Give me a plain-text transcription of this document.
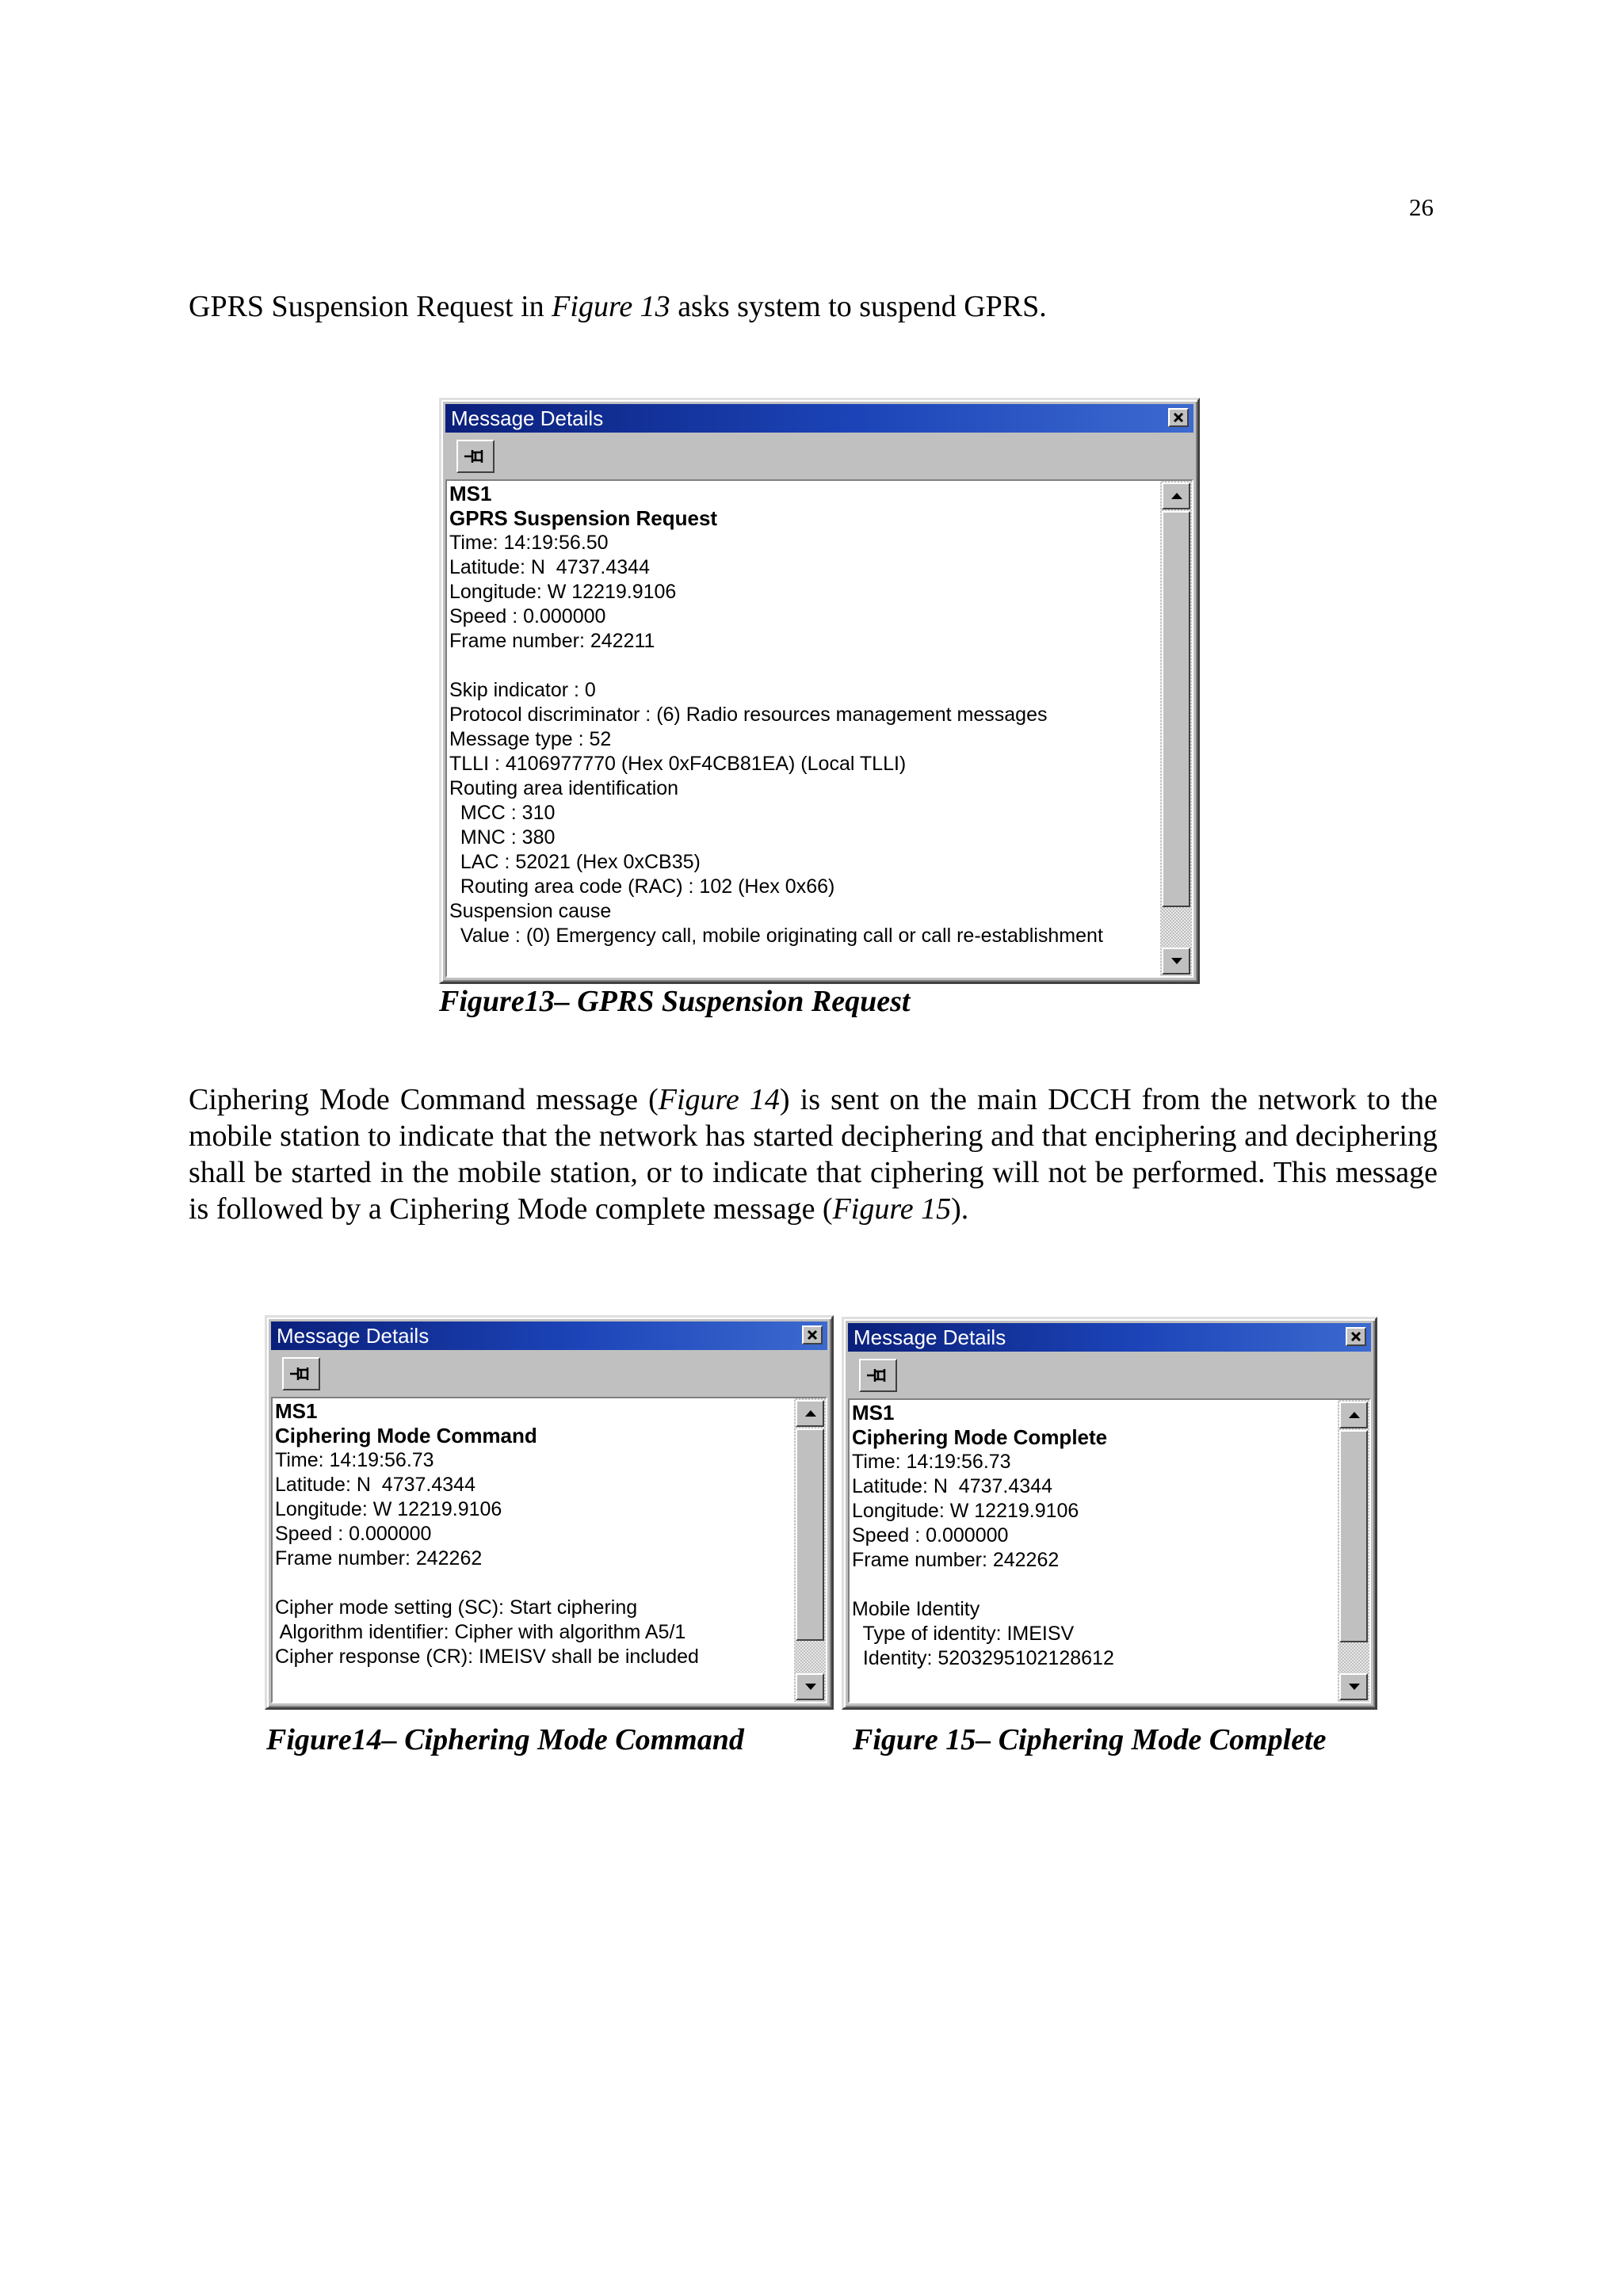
26

GPRS Suspension Request in Figure 13 asks system to suspend GPRS.

Message Details
MS1
GPRS Suspension Request
Time: 14:19:56.50
Latitude: N  4737.4344
Longitude: W 12219.9106
Speed : 0.000000
Frame number: 242211
Skip indicator : 0
Protocol discriminator : (6) Radio resources management messages
Message type : 52
TLLI : 4106977770 (Hex 0xF4CB81EA) (Local TLLI)
Routing area identification
MCC : 310
MNC : 380
LAC : 52021 (Hex 0xCB35)
Routing area code (RAC) : 102 (Hex 0x66)
Suspension cause
Value : (0) Emergency call, mobile originating call or call re-establishment
Figure13– GPRS Suspension Request

Ciphering Mode Command message (Figure 14) is sent on the main DCCH from the network to the mobile station to indicate that the network has started deciphering and that enciphering and deciphering shall be started in the mobile station, or to indicate that ciphering will not be performed. This message is followed by a Ciphering Mode complete message (Figure 15).

Message Details
MS1
Ciphering Mode Command
Time: 14:19:56.73
Latitude: N  4737.4344
Longitude: W 12219.9106
Speed : 0.000000
Frame number: 242262
Cipher mode setting (SC): Start ciphering
Algorithm identifier: Cipher with algorithm A5/1
Cipher response (CR): IMEISV shall be included
Figure14– Ciphering Mode Command
Message Details
MS1
Ciphering Mode Complete
Time: 14:19:56.73
Latitude: N  4737.4344
Longitude: W 12219.9106
Speed : 0.000000
Frame number: 242262
Mobile Identity
Type of identity: IMEISV
Identity: 5203295102128612
Figure 15– Ciphering Mode Complete
